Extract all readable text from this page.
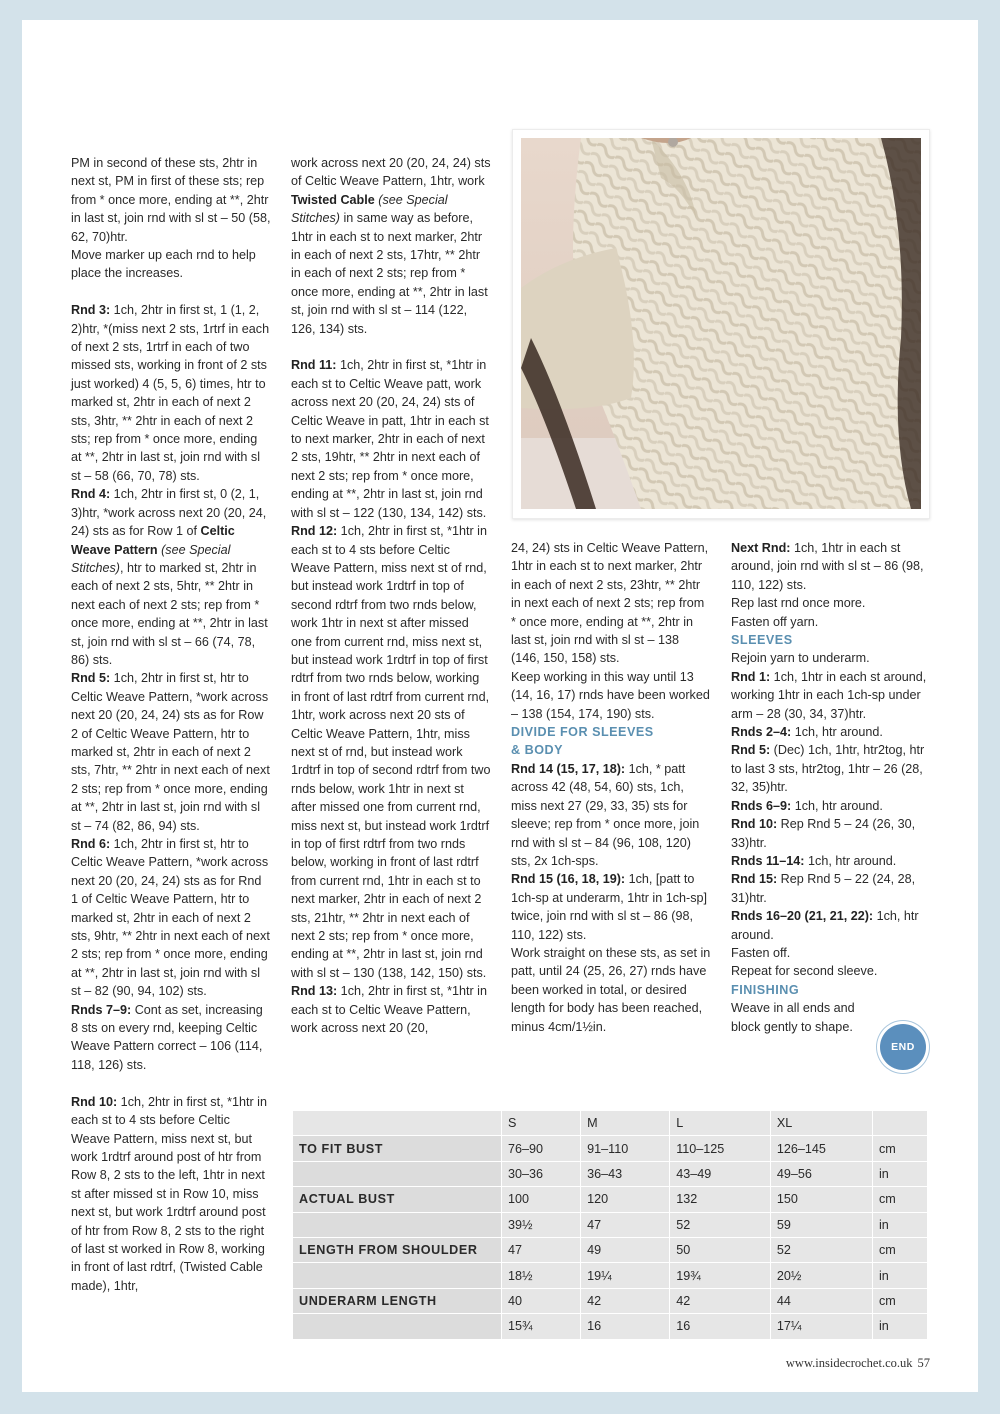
PM in second of these sts, 2htr in next st, PM in first of these sts; rep from * once more, ending at **, 2htr in last st, join rnd with sl st – 50 (58, 62, 70)htr.

Move marker up each rnd to help place the increases.

Rnd 3: 1ch, 2htr in first st, 1 (1, 2, 2)htr, *(miss next 2 sts, 1rtrf in each of next 2 sts, 1rtrf in each of two missed sts, working in front of 2 sts just worked) 4 (5, 5, 6) times, htr to marked st, 2htr in each of next 2 sts, 3htr, ** 2htr in each of next 2 sts; rep from * once more, ending at **, 2htr in last st, join rnd with sl st – 58 (66, 70, 78) sts.

Rnd 4: 1ch, 2htr in first st, 0 (2, 1, 3)htr, *work across next 20 (20, 24, 24) sts as for Row 1 of Celtic Weave Pattern (see Special Stitches), htr to marked st, 2htr in each of next 2 sts, 5htr, ** 2htr in next each of next 2 sts; rep from * once more, ending at **, 2htr in last st, join rnd with sl st – 66 (74, 78, 86) sts.

Rnd 5: 1ch, 2htr in first st, htr to Celtic Weave Pattern, *work across next 20 (20, 24, 24) sts as for Row 2 of Celtic Weave Pattern, htr to marked st, 2htr in each of next 2 sts, 7htr, ** 2htr in next each of next 2 sts; rep from * once more, ending at **, 2htr in last st, join rnd with sl st – 74 (82, 86, 94) sts.

Rnd 6: 1ch, 2htr in first st, htr to Celtic Weave Pattern, *work across next 20 (20, 24, 24) sts as for Rnd 1 of Celtic Weave Pattern, htr to marked st, 2htr in each of next 2 sts, 9htr, ** 2htr in next each of next 2 sts; rep from * once more, ending at **, 2htr in last st, join rnd with sl st – 82 (90, 94, 102) sts.

Rnds 7–9: Cont as set, increasing 8 sts on every rnd, keeping Celtic Weave Pattern correct – 106 (114, 118, 126) sts.

Rnd 10: 1ch, 2htr in first st, *1htr in each st to 4 sts before Celtic Weave Pattern, miss next st, but work 1rdtrf around post of htr from Row 8, 2 sts to the left, 1htr in next st after missed st in Row 10, miss next st, but work 1rdtrf around post of htr from Row 8, 2 sts to the right of last st worked in Row 8, working in front of last rdtrf, (Twisted Cable made), 1htr,

work across next 20 (20, 24, 24) sts of Celtic Weave Pattern, 1htr, work Twisted Cable (see Special Stitches) in same way as before, 1htr in each st to next marker, 2htr in each of next 2 sts, 17htr, ** 2htr in each of next 2 sts; rep from * once more, ending at **, 2htr in last st, join rnd with sl st – 114 (122, 126, 134) sts.

Rnd 11: 1ch, 2htr in first st, *1htr in each st to Celtic Weave patt, work across next 20 (20, 24, 24) sts of Celtic Weave in patt, 1htr in each st to next marker, 2htr in each of next 2 sts, 19htr, ** 2htr in next each of next 2 sts; rep from * once more, ending at **, 2htr in last st, join rnd with sl st – 122 (130, 134, 142) sts.

Rnd 12: 1ch, 2htr in first st, *1htr in each st to 4 sts before Celtic Weave Pattern, miss next st of rnd, but instead work 1rdtrf in top of second rdtrf from two rnds below, work 1htr in next st after missed one from current rnd, miss next st, but instead work 1rdtrf in top of first rdtrf from two rnds below, working in front of last rdtrf from current rnd, 1htr, work across next 20 sts of Celtic Weave Pattern, 1htr, miss next st of rnd, but instead work 1rdtrf in top of second rdtrf from two rnds below, work 1htr in next st after missed one from current rnd, miss next st, but instead work 1rdtrf in top of first rdtrf from two rnds below, working in front of last rdtrf from current rnd, 1htr in each st to next marker, 2htr in each of next 2 sts, 21htr, ** 2htr in next each of next 2 sts; rep from * once more, ending at **, 2htr in last st, join rnd with sl st – 130 (138, 142, 150) sts.

Rnd 13: 1ch, 2htr in first st, *1htr in each st to Celtic Weave Pattern, work across next 20 (20,

24, 24) sts in Celtic Weave Pattern, 1htr in each st to next marker, 2htr in each of next 2 sts, 23htr, ** 2htr in next each of next 2 sts; rep from * once more, ending at **, 2htr in last st, join rnd with sl st – 138 (146, 150, 158) sts.

Keep working in this way until 13 (14, 16, 17) rnds have been worked – 138 (154, 174, 190) sts.

DIVIDE FOR SLEEVES
& BODY

Rnd 14 (15, 17, 18): 1ch, * patt across 42 (48, 54, 60) sts, 1ch, miss next 27 (29, 33, 35) sts for sleeve; rep from * once more, join rnd with sl st – 84 (96, 108, 120) sts, 2x 1ch-sps.

Rnd 15 (16, 18, 19): 1ch, [patt to 1ch-sp at underarm, 1htr in 1ch-sp] twice, join rnd with sl st – 86 (98, 110, 122) sts.

Work straight on these sts, as set in patt, until 24 (25, 26, 27) rnds have been worked in total, or desired length for body has been reached, minus 4cm/1½in.

Next Rnd: 1ch, 1htr in each st around, join rnd with sl st – 86 (98, 110, 122) sts.

Rep last rnd once more.

Fasten off yarn.

SLEEVES

Rejoin yarn to underarm.

Rnd 1: 1ch, 1htr in each st around, working 1htr in each 1ch-sp under arm – 28 (30, 34, 37)htr.

Rnds 2–4: 1ch, htr around.

Rnd 5: (Dec) 1ch, 1htr, htr2tog, htr to last 3 sts, htr2tog, 1htr – 26 (28, 32, 35)htr.

Rnds 6–9: 1ch, htr around.

Rnd 10: Rep Rnd 5 – 24 (26, 30, 33)htr.

Rnds 11–14: 1ch, htr around.

Rnd 15: Rep Rnd 5 – 22 (24, 28, 31)htr.

Rnds 16–20 (21, 21, 22): 1ch, htr around.

Fasten off.

Repeat for second sleeve.

FINISHING

Weave in all ends and block gently to shape.

END
	S	M	L	XL	
TO FIT BUST	76–90	91–110	110–125	126–145	cm
	30–36	36–43	43–49	49–56	in
ACTUAL BUST	100	120	132	150	cm
	39½	47	52	59	in
LENGTH FROM SHOULDER	47	49	50	52	cm
	18½	19¼	19¾	20½	in
UNDERARM LENGTH	40	42	42	44	cm
	15¾	16	16	17¼	in
www.insidecrochet.co.uk 57
